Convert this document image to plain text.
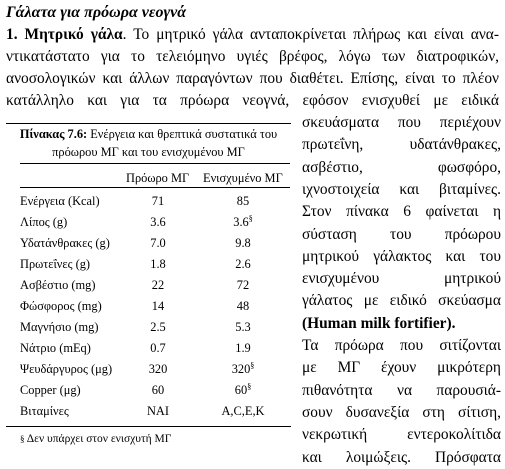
Γάλατα για πρόωρα νεογνά
1. Μητρικό γάλα. Το μητρικό γάλα ανταποκρίνεται πλήρως και είναι ανα-
ντικατάστατο για το τελειόμηνο υγιές βρέφος, λόγω των διατροφικών,
ανοσολογικών και άλλων παραγόντων που διαθέτει. Επίσης, είναι το πλέον
κατάλληλο και για τα πρόωρα νεογνά, εφόσον ενισχυθεί με ειδικά
σκευάσματα που περιέχουν
πρωτεΐνη, υδατάνθρακες,
ασβέστιο, φωσφόρο,
ιχνοστοιχεία και βιταμίνες.
Στον πίνακα 6 φαίνεται η
σύσταση του πρόωρου
μητρικού γάλακτος και του
ενισχυμένου μητρικού
γάλατος με ειδικό σκεύασμα
(Human milk fortifier).
Τα πρόωρα που σιτίζονται
με ΜΓ έχουν μικρότερη
πιθανότητα να παρουσιά-
σουν δυσανεξία στη σίτιση,
νεκρωτική εντεροκολίτιδα
και λοιμώξεις. Πρόσφατα
Πίνακας 7.6: Ενέργεια και θρεπτικά συστατικά του
πρόωρου ΜΓ και του ενισχυμένου ΜΓ
Πρόωρο ΜΓ Ενισχυμένο ΜΓ
Ενέργεια (Kcal)	71	85
Λίπος (g)	3.6	3.6§
Υδατάνθρακες (g)	7.0	9.8
Πρωτεΐνες (g)	1.8	2.6
Ασβέστιο (mg)	22	72
Φώσφορος (mg)	14	48
Μαγνήσιο (mg)	2.5	5.3
Νάτριο (mEq)	0.7	1.9
Ψευδάργυρος (μg)	320	320§
Copper (μg)	60	60§
Βιταμίνες	ΝΑΙ	A,C,E,K
§ Δεν υπάρχει στον ενισχυτή ΜΓ
